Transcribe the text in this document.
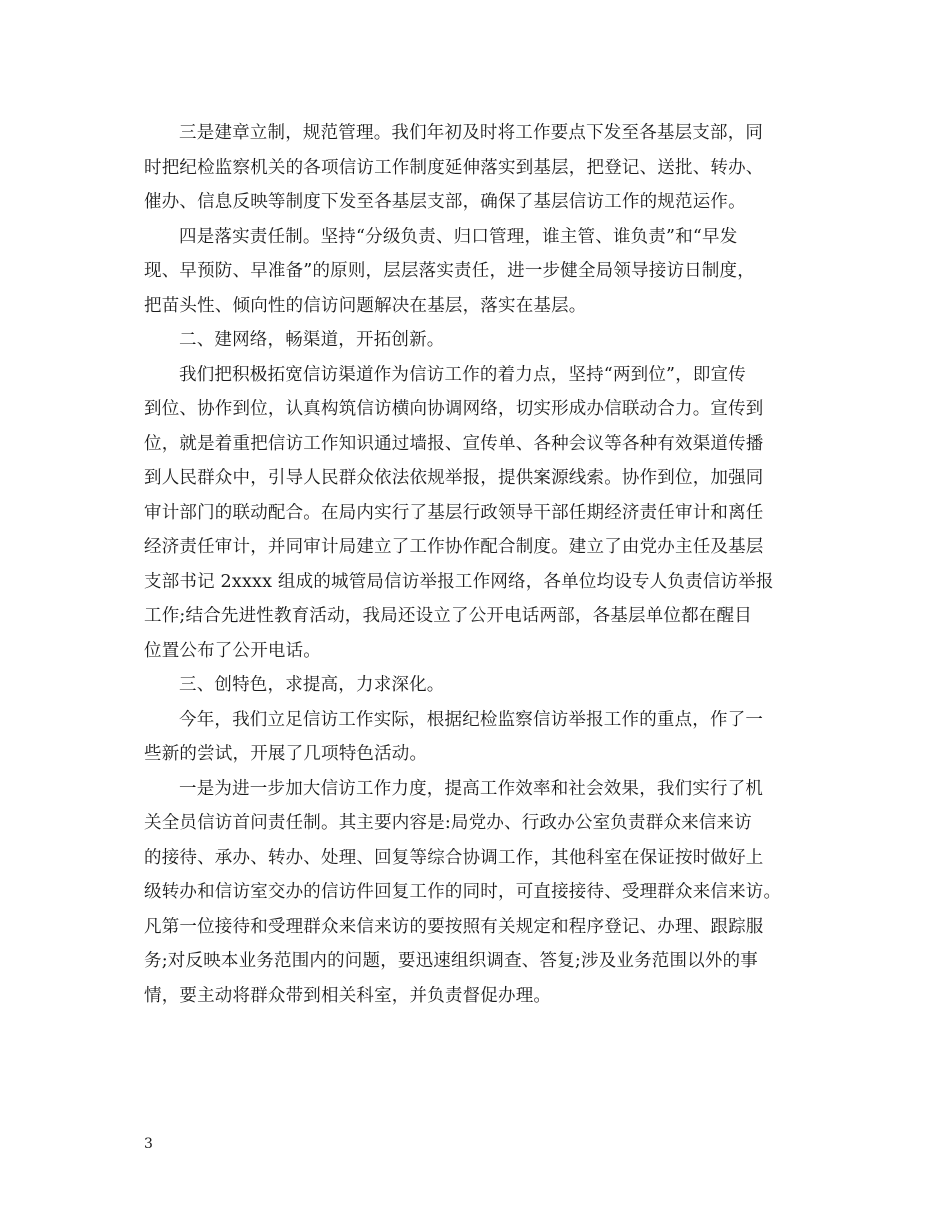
三是建章立制，规范管理。我们年初及时将工作要点下发至各基层支部，同
时把纪检监察机关的各项信访工作制度延伸落实到基层，把登记、送批、转办、
催办、信息反映等制度下发至各基层支部，确保了基层信访工作的规范运作。
四是落实责任制。坚持“分级负责、归口管理，谁主管、谁负责”和“早发
现、早预防、早准备”的原则，层层落实责任，进一步健全局领导接访日制度，
把苗头性、倾向性的信访问题解决在基层，落实在基层。
二、建网络，畅渠道，开拓创新。
我们把积极拓宽信访渠道作为信访工作的着力点，坚持“两到位”，即宣传
到位、协作到位，认真构筑信访横向协调网络，切实形成办信联动合力。宣传到
位，就是着重把信访工作知识通过墙报、宣传单、各种会议等各种有效渠道传播
到人民群众中，引导人民群众依法依规举报，提供案源线索。协作到位，加强同
审计部门的联动配合。在局内实行了基层行政领导干部任期经济责任审计和离任
经济责任审计，并同审计局建立了工作协作配合制度。建立了由党办主任及基层
支部书记 2xxxx 组成的城管局信访举报工作网络，各单位均设专人负责信访举报
工作;结合先进性教育活动，我局还设立了公开电话两部，各基层单位都在醒目
位置公布了公开电话。
三、创特色，求提高，力求深化。
今年，我们立足信访工作实际，根据纪检监察信访举报工作的重点，作了一
些新的尝试，开展了几项特色活动。
一是为进一步加大信访工作力度，提高工作效率和社会效果，我们实行了机
关全员信访首问责任制。其主要内容是:局党办、行政办公室负责群众来信来访
的接待、承办、转办、处理、回复等综合协调工作，其他科室在保证按时做好上
级转办和信访室交办的信访件回复工作的同时，可直接接待、受理群众来信来访。
凡第一位接待和受理群众来信来访的要按照有关规定和程序登记、办理、跟踪服
务;对反映本业务范围内的问题，要迅速组织调查、答复;涉及业务范围以外的事
情，要主动将群众带到相关科室，并负责督促办理。
3
